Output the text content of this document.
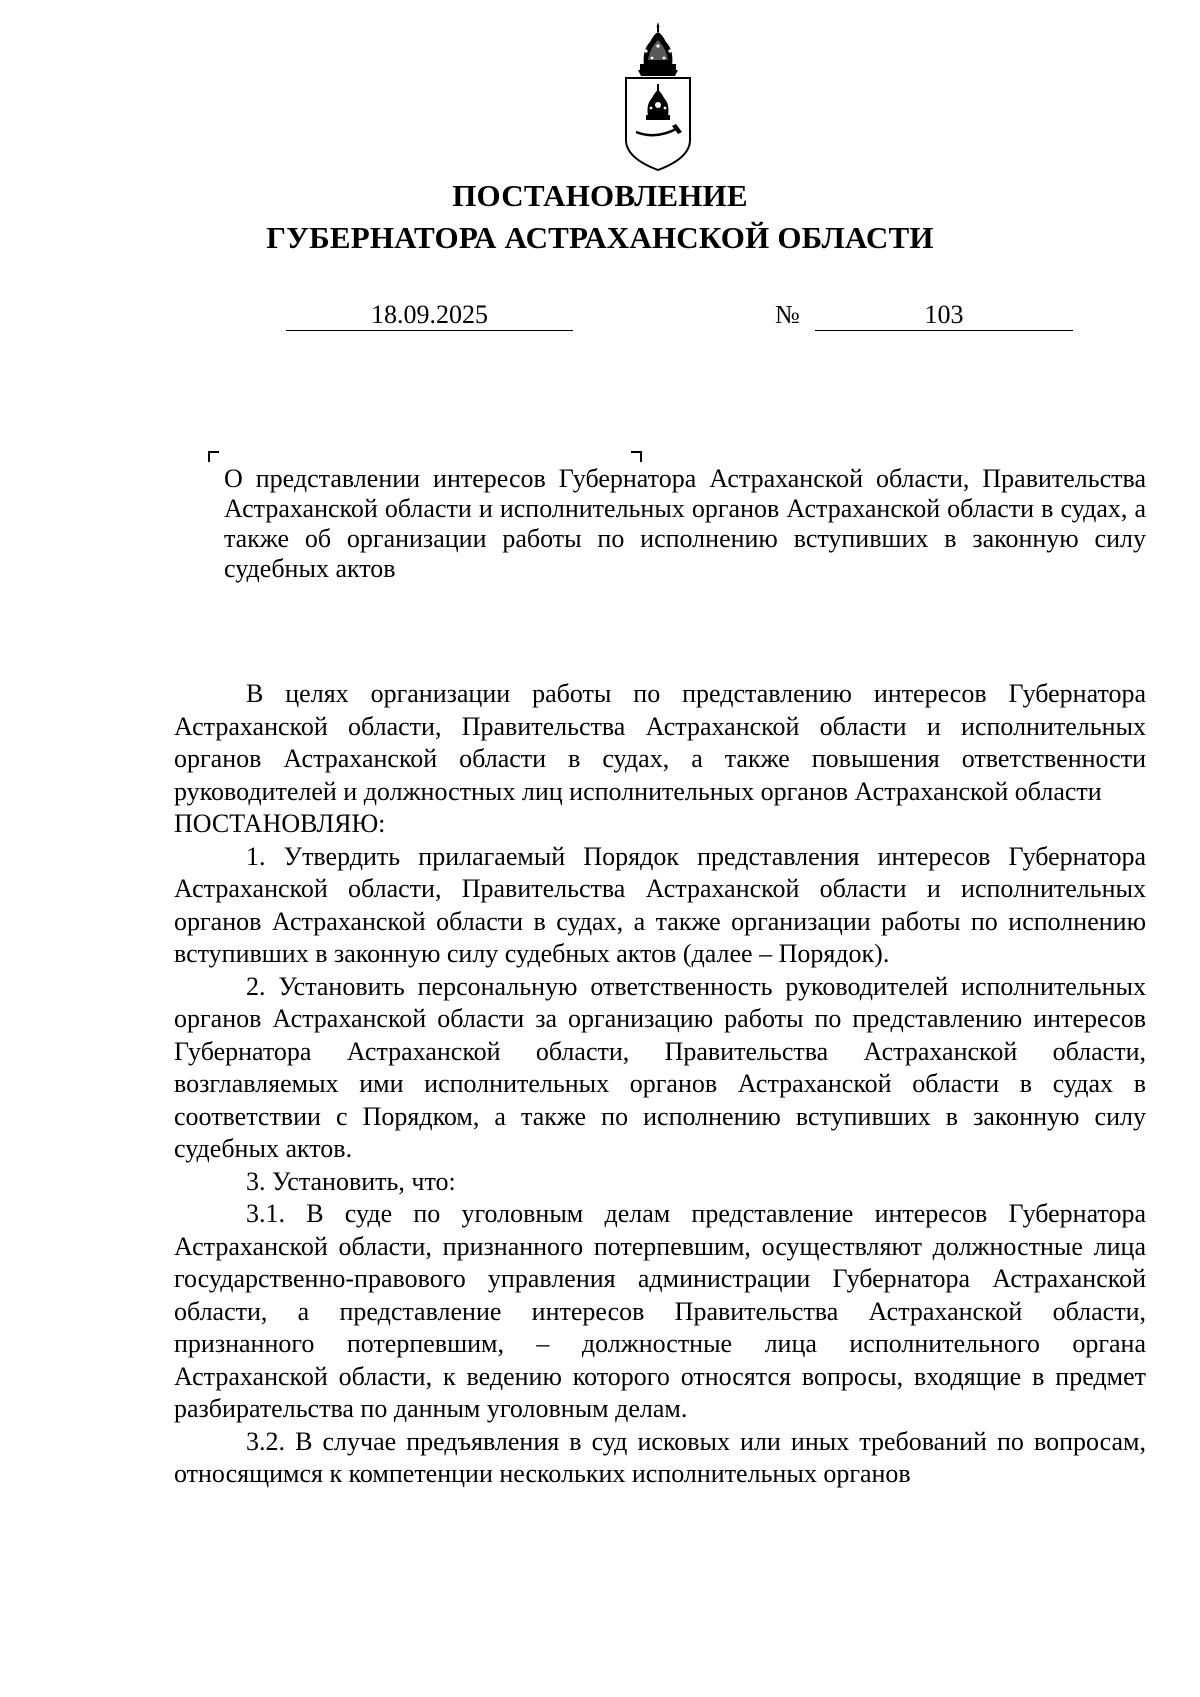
ПОСТАНОВЛЕНИЕ
ГУБЕРНАТОРА АСТРАХАНСКОЙ ОБЛАСТИ
18.09.2025	№	103
О представлении интересов Губернатора Астраханской области, Правительства Астраханской области и исполнительных органов Астраханской области в судах, а также об организации работы по исполнению вступивших в законную силу судебных актов

В целях организации работы по представлению интересов Губернатора Астраханской области, Правительства Астраханской области и исполнительных органов Астраханской области в судах, а также повышения ответственности руководителей и должностных лиц исполнительных органов Астраханской области

ПОСТАНОВЛЯЮ:

1. Утвердить прилагаемый Порядок представления интересов Губернатора Астраханской области, Правительства Астраханской области и исполнительных органов Астраханской области в судах, а также организации работы по исполнению вступивших в законную силу судебных актов (далее – Порядок).

2. Установить персональную ответственность руководителей исполнительных органов Астраханской области за организацию работы по представлению интересов Губернатора Астраханской области, Правительства Астраханской области, возглавляемых ими исполнительных органов Астраханской области в судах в соответствии с Порядком, а также по исполнению вступивших в законную силу судебных актов.

3. Установить, что:

3.1. В суде по уголовным делам представление интересов Губернатора Астраханской области, признанного потерпевшим, осуществляют должностные лица государственно-правового управления администрации Губернатора Астраханской области, а представление интересов Правительства Астраханской области, признанного потерпевшим, – должностные лица исполнительного органа Астраханской области, к ведению которого относятся вопросы, входящие в предмет разбирательства по данным уголовным делам.

3.2. В случае предъявления в суд исковых или иных требований по вопросам, относящимся к компетенции нескольких исполнительных органов
